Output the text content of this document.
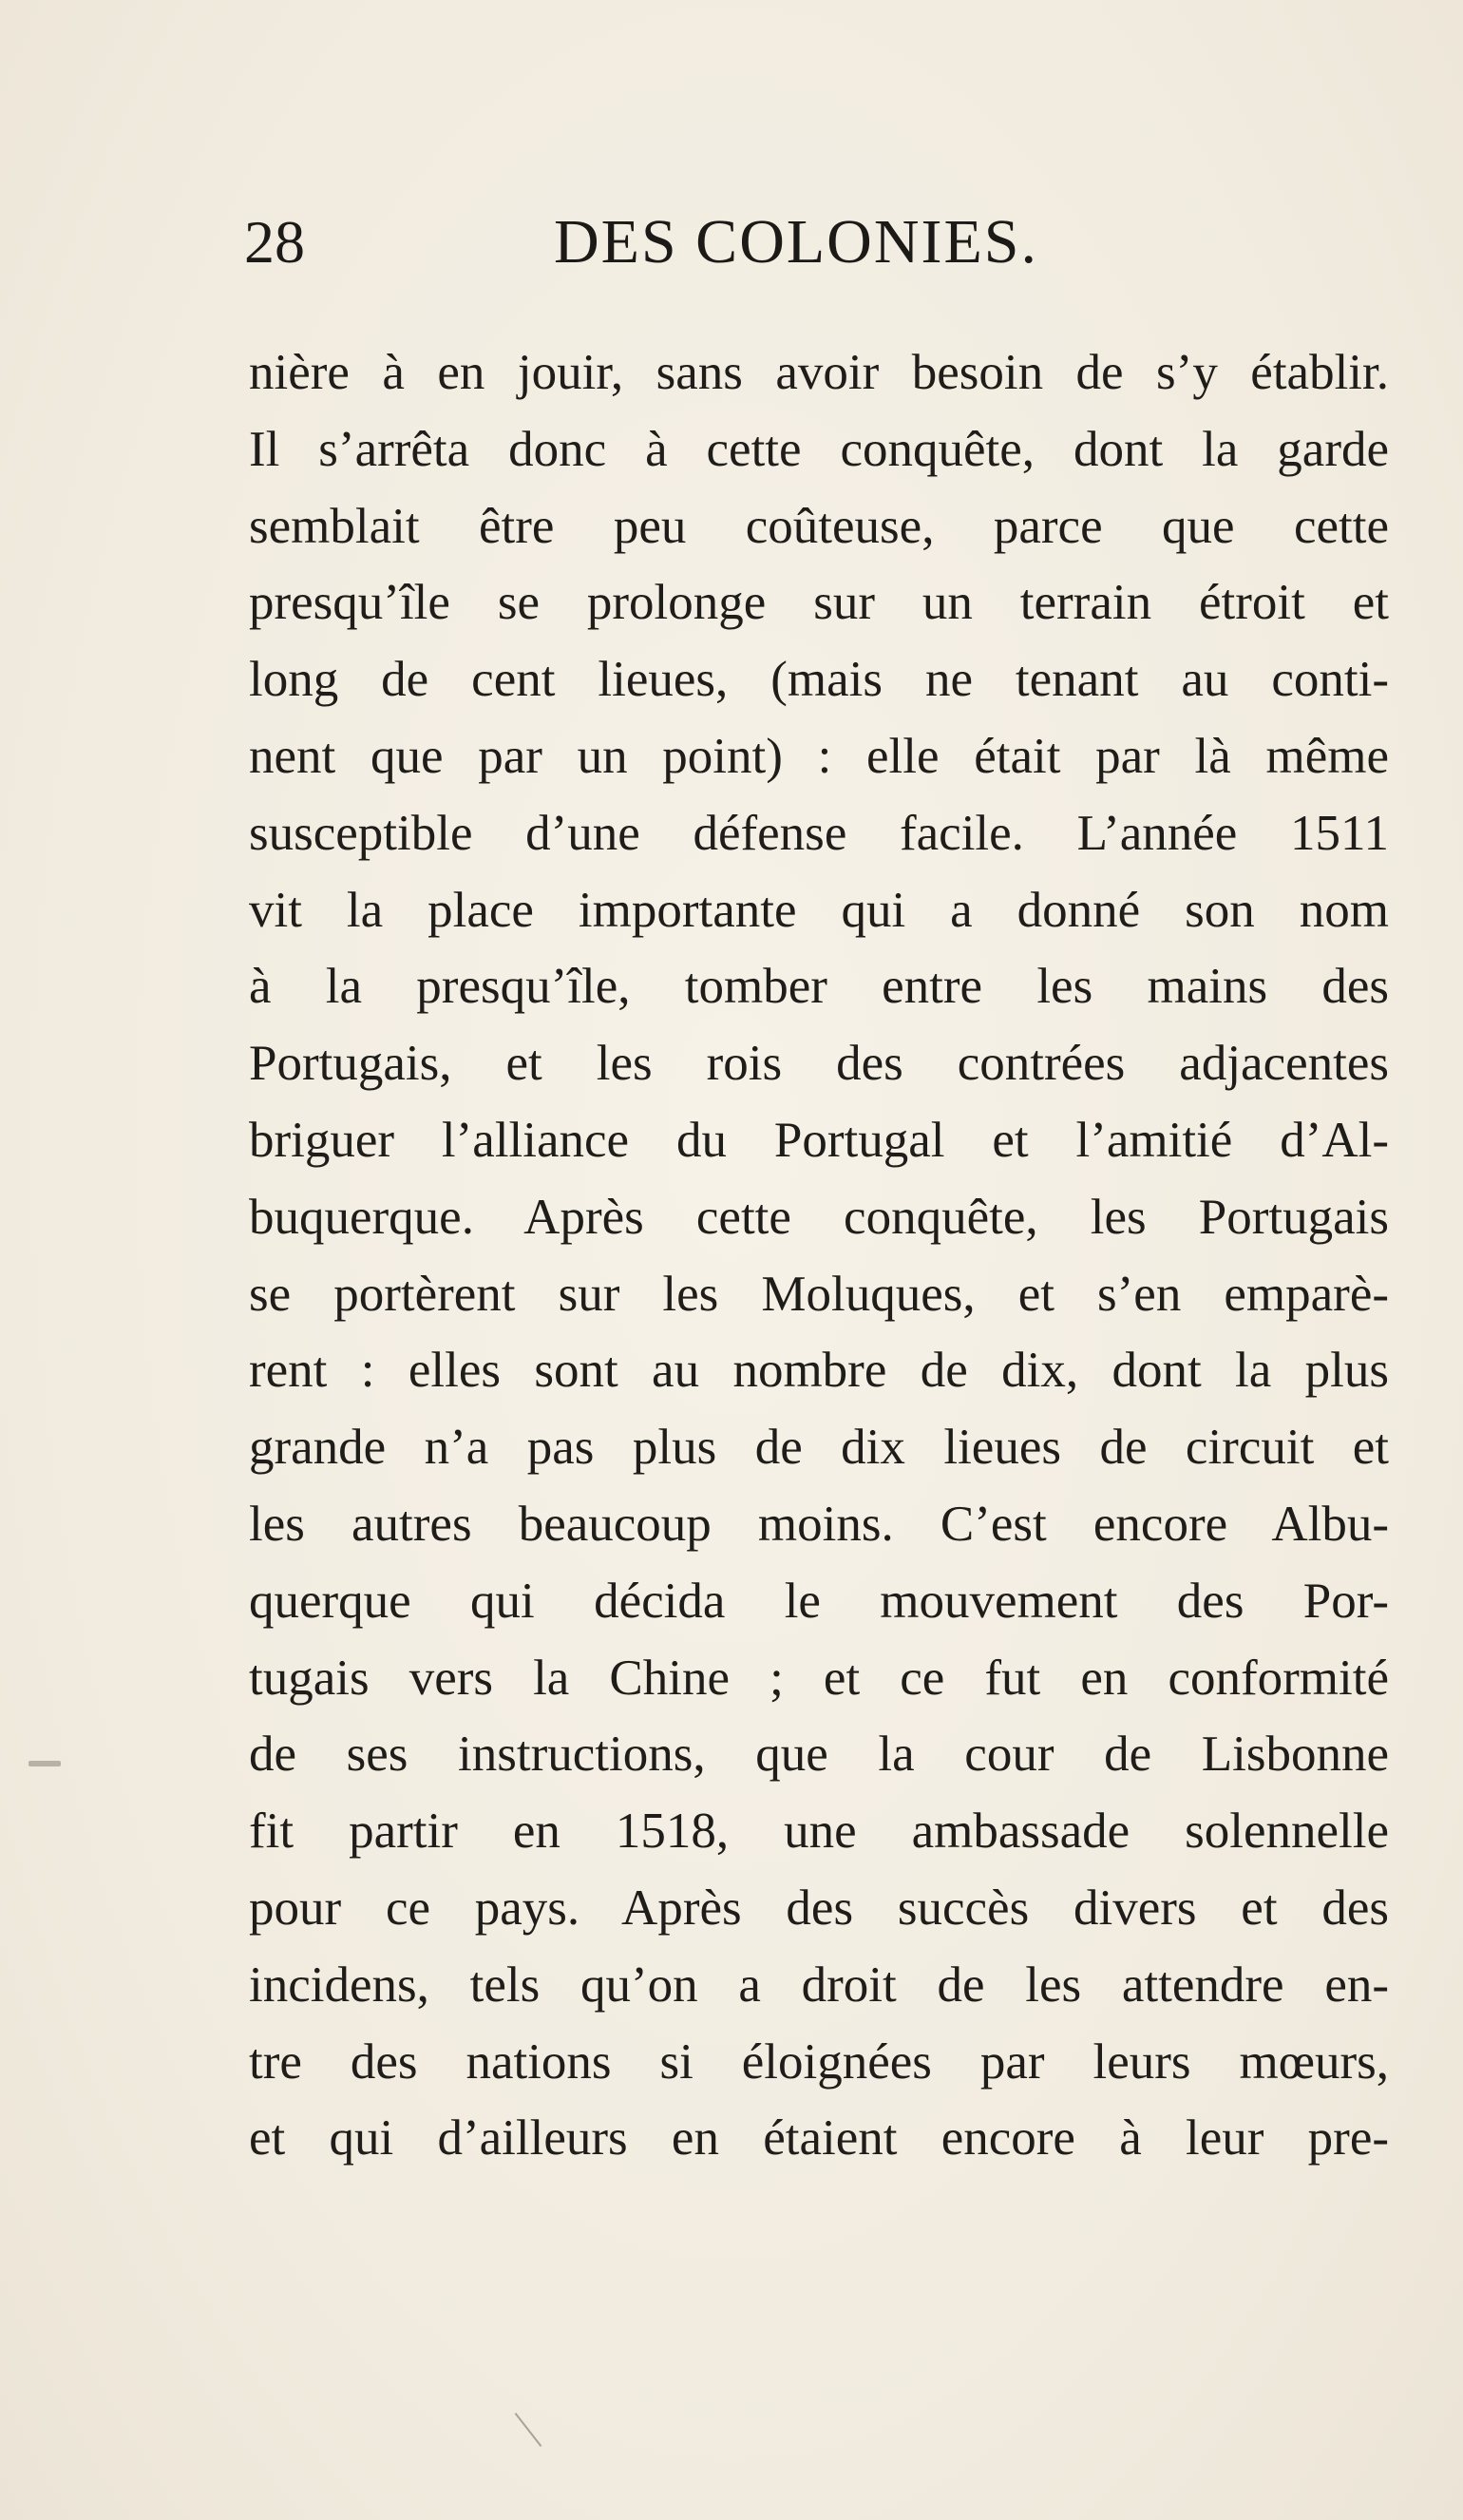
28	DES COLONIES.
nière à en jouir, sans avoir besoin de s’y établir.
Il s’arrêta donc à cette conquête, dont la garde
semblait être peu coûteuse, parce que cette
presqu’île se prolonge sur un terrain étroit et
long de cent lieues, (mais ne tenant au conti-
nent que par un point) : elle était par là même
susceptible d’une défense facile. L’année 1511
vit la place importante qui a donné son nom
à la presqu’île, tomber entre les mains des
Portugais, et les rois des contrées adjacentes
briguer l’alliance du Portugal et l’amitié d’Al-
buquerque. Après cette conquête, les Portugais
se portèrent sur les Moluques, et s’en emparè-
rent : elles sont au nombre de dix, dont la plus
grande n’a pas plus de dix lieues de circuit et
les autres beaucoup moins. C’est encore Albu-
querque qui décida le mouvement des Por-
tugais vers la Chine ; et ce fut en conformité
de ses instructions, que la cour de Lisbonne
fit partir en 1518, une ambassade solennelle
pour ce pays. Après des succès divers et des
incidens, tels qu’on a droit de les attendre en-
tre des nations si éloignées par leurs mœurs,
et qui d’ailleurs en étaient encore à leur pre-
